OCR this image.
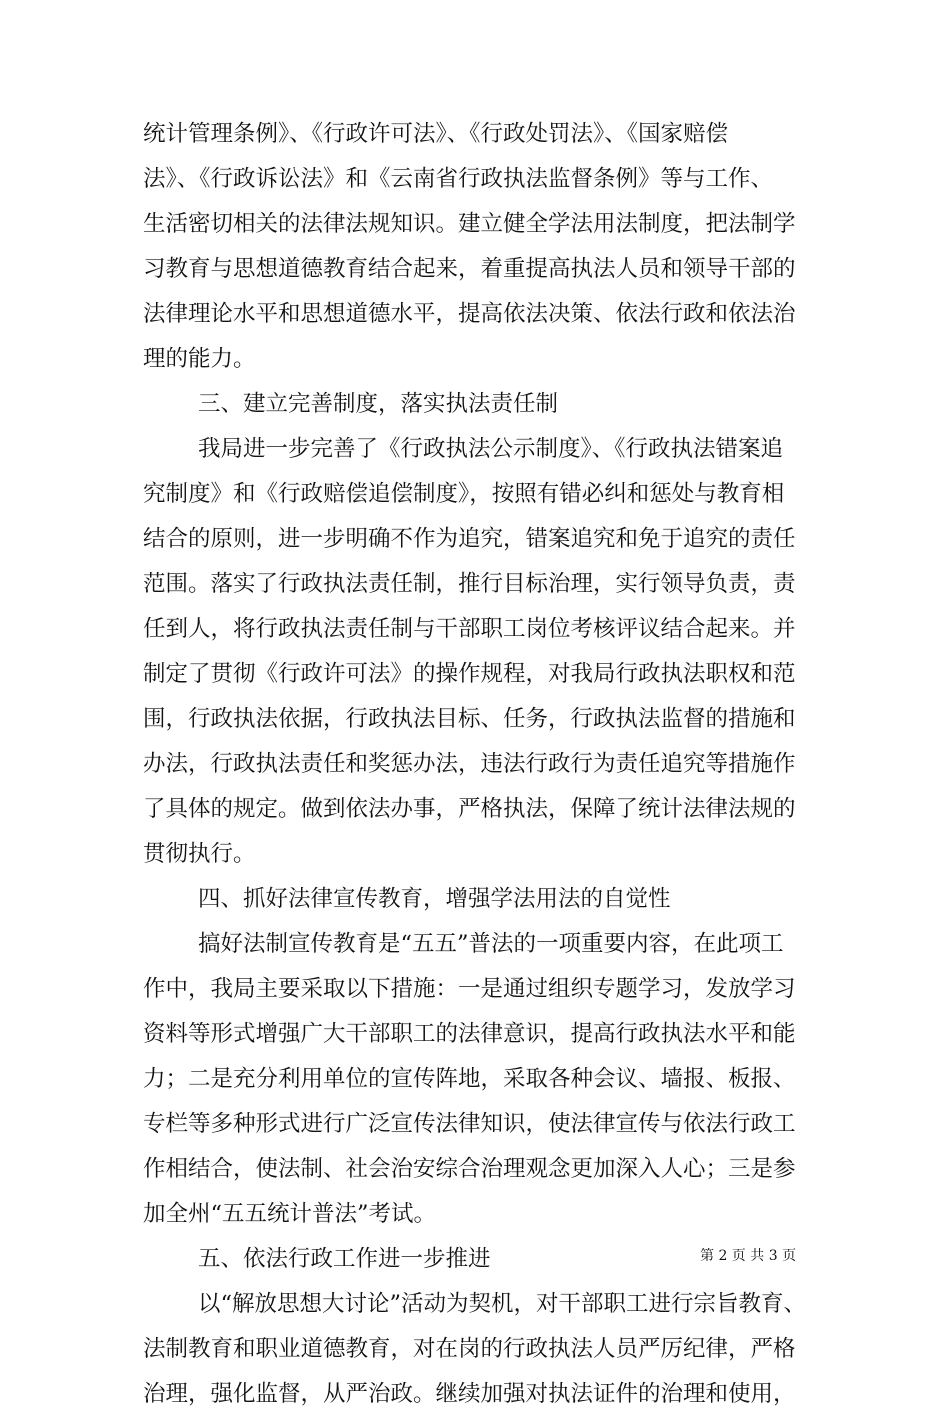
统计管理条例》、《行政许可法》、《行政处罚法》、《国家赔偿
法》、《行政诉讼法》和《云南省行政执法监督条例》等与工作、
生活密切相关的法律法规知识。建立健全学法用法制度，把法制学
习教育与思想道德教育结合起来，着重提高执法人员和领导干部的
法律理论水平和思想道德水平，提高依法决策、依法行政和依法治
理的能力。
三、建立完善制度，落实执法责任制
我局进一步完善了《行政执法公示制度》、《行政执法错案追
究制度》和《行政赔偿追偿制度》，按照有错必纠和惩处与教育相
结合的原则，进一步明确不作为追究，错案追究和免于追究的责任
范围。落实了行政执法责任制，推行目标治理，实行领导负责，责
任到人，将行政执法责任制与干部职工岗位考核评议结合起来。并
制定了贯彻《行政许可法》的操作规程，对我局行政执法职权和范
围，行政执法依据，行政执法目标、任务，行政执法监督的措施和
办法，行政执法责任和奖惩办法，违法行政行为责任追究等措施作
了具体的规定。做到依法办事，严格执法，保障了统计法律法规的
贯彻执行。
四、抓好法律宣传教育，增强学法用法的自觉性
搞好法制宣传教育是“五五”普法的一项重要内容，在此项工
作中，我局主要采取以下措施：一是通过组织专题学习，发放学习
资料等形式增强广大干部职工的法律意识，提高行政执法水平和能
力；二是充分利用单位的宣传阵地，采取各种会议、墙报、板报、
专栏等多种形式进行广泛宣传法律知识，使法律宣传与依法行政工
作相结合，使法制、社会治安综合治理观念更加深入人心；三是参
加全州“五五统计普法”考试。
五、依法行政工作进一步推进
以“解放思想大讨论”活动为契机，对干部职工进行宗旨教育、
法制教育和职业道德教育，对在岗的行政执法人员严厉纪律，严格
治理，强化监督，从严治政。继续加强对执法证件的治理和使用，
第 2 页 共 3 页
